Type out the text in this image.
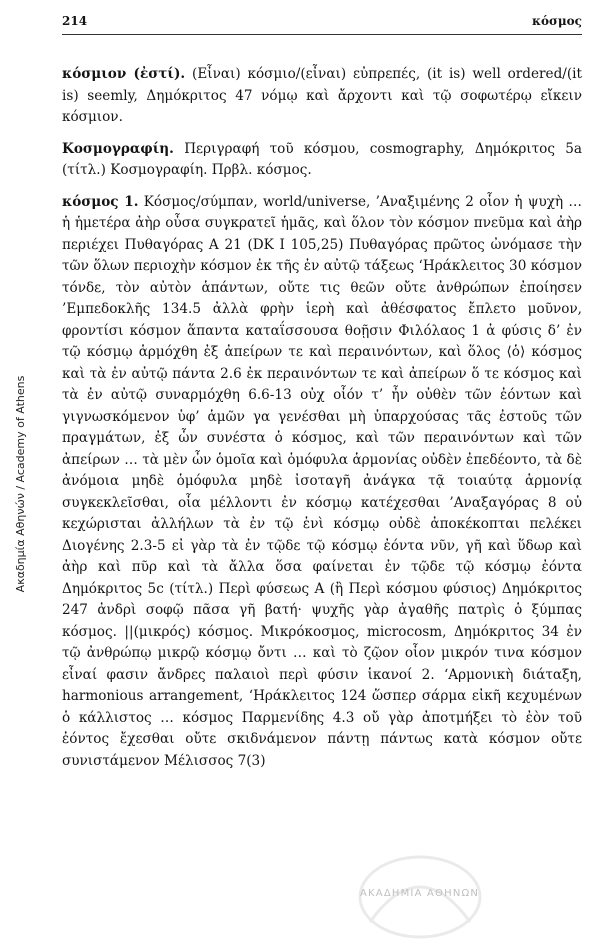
Ακαδημία Αθηνών / Academy of Athens
ΑΚΑΔΗΜΙΑ ΑΘΗΝΩΝ
214	κόσμος

κόσμιον (ἐστί). (Εἶναι) κόσμιο/(εἶναι) εὐπρεπές, (it is) well ordered/(it is) seemly, Δημόκριτος 47 νόμῳ καὶ ἄρχοντι καὶ τῷ σοφωτέρῳ εἴκειν κόσμιον.

Κοσμογραφίη. Περιγραφή τοῦ κόσμου, cosmography, Δημόκριτος 5a (τίτλ.) Κοσμογραφίη. Πρβλ. κόσμος.

κόσμος 1. Κόσμος/σύμπαν, world/universe, ’Αναξιμένης 2 οἷον ἡ ψυχὴ … ἡ ἡμετέρα ἀὴρ οὖσα συγκρατεῖ ἡμᾶς, καὶ ὅλον τὸν κόσμον πνεῦμα καὶ ἀὴρ περιέχει Πυθαγόρας Α 21 (DK I 105,25) Πυθαγόρας πρῶτος ὠνόμασε τὴν τῶν ὅλων περιοχὴν κόσμον ἐκ τῆς ἐν αὐτῷ τάξεως ‘Ηράκλειτος 30 κόσμον τόνδε, τὸν αὐτὸν ἁπάντων, οὔτε τις θεῶν οὔτε ἀνθρώπων ἐποίησεν ’Εμπεδοκλῆς 134.5 ἀλλὰ φρὴν ἱερὴ καὶ ἀθέσφατος ἔπλετο μοῦνον, φροντίσι κόσμον ἅπαντα καταΐσσουσα θοῇσιν Φιλόλαος 1 ἁ φύσις δ’ ἐν τῷ κόσμῳ ἁρμόχθη ἐξ ἀπείρων τε καὶ περαινόντων, καὶ ὅλος ⟨ὁ⟩ κόσμος καὶ τὰ ἐν αὐτῷ πάντα 2.6 ἐκ περαινόντων τε καὶ ἀπείρων ὅ τε κόσμος καὶ τὰ ἐν αὐτῷ συναρμόχθη 6.6-13 οὐχ οἷόν τ’ ἦν οὐθὲν τῶν ἐόντων καὶ γιγνωσκόμενον ὑφ’ ἁμῶν γα γενέσθαι μὴ ὑπαρχούσας τᾶς ἐστοῦς τῶν πραγμάτων, ἐξ ὧν συνέστα ὁ κόσμος, καὶ τῶν περαινόντων καὶ τῶν ἀπείρων … τὰ μὲν ὦν ὁμοῖα καὶ ὁμόφυλα ἁρμονίας οὐδὲν ἐπεδέοντο, τὰ δὲ ἀνόμοια μηδὲ ὁμόφυλα μηδὲ ἰσοταγῆ ἀνάγκα τᾷ τοιαύτᾳ ἁρμονίᾳ συγκεκλεῖσθαι, οἷα μέλλοντι ἐν κόσμῳ κατέχεσθαι ’Αναξαγόρας 8 οὐ κεχώρισται ἀλλήλων τὰ ἐν τῷ ἑνὶ κόσμῳ οὐδὲ ἀποκέκοπται πελέκει Διογένης 2.3-5 εἰ γὰρ τὰ ἐν τῷδε τῷ κόσμῳ ἐόντα νῦν, γῆ καὶ ὕδωρ καὶ ἀὴρ καὶ πῦρ καὶ τὰ ἄλλα ὅσα φαίνεται ἐν τῷδε τῷ κόσμῳ ἐόντα Δημόκριτος 5c (τίτλ.) Περὶ φύσεως Α (ἢ Περὶ κόσμου φύσιος) Δημόκριτος 247 ἀνδρὶ σοφῷ πᾶσα γῆ βατή· ψυχῆς γὰρ ἀγαθῆς πατρὶς ὁ ξύμπας κόσμος. ||(μικρός) κόσμος. Μικρόκοσμος, microcosm, Δημόκριτος 34 ἐν τῷ ἀνθρώπῳ μικρῷ κόσμῳ ὄντι … καὶ τὸ ζῷον οἷον μικρόν τινα κόσμον εἶναί φασιν ἄνδρες παλαιοὶ περὶ φύσιν ἱκανοί 2. ‘Αρμονικὴ διάταξη, harmonious arrangement, ‘Ηράκλειτος 124 ὥσπερ σάρμα εἰκῆ κεχυμένων ὁ κάλλιστος … κόσμος Παρμενίδης 4.3 οὔ γὰρ ἀποτμήξει τὸ ἐὸν τοῦ ἐόντος ἔχεσθαι οὔτε σκιδνάμενον πάντῃ πάντως κατὰ κόσμον οὔτε συνιστάμενον Μέλισσος 7(3)
